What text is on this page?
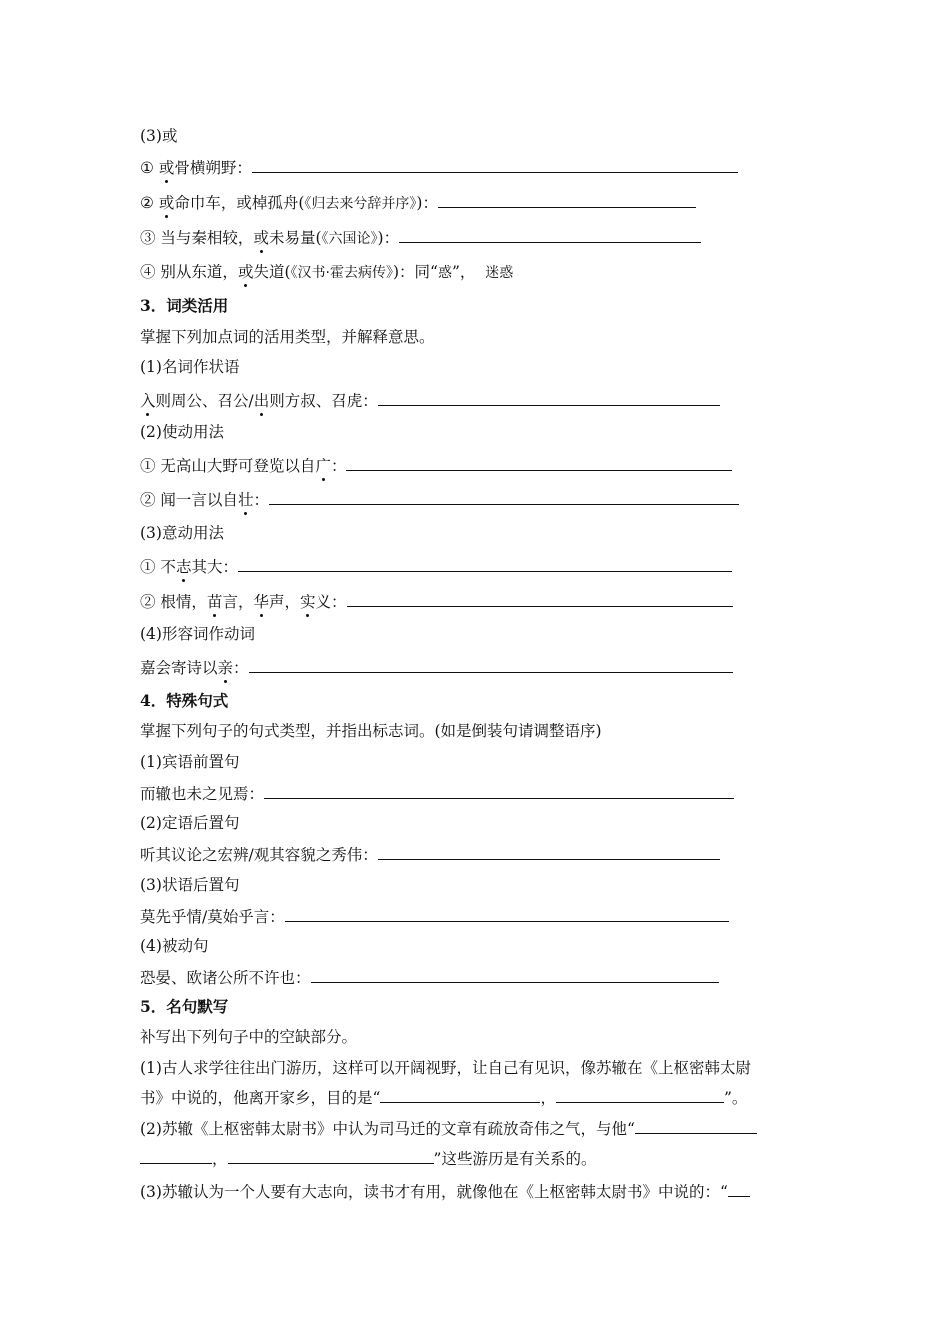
(3)或
① 或骨横朔野：
② 或命巾车，或棹孤舟(《归去来兮辞并序》)：
③ 当与秦相较，或未易量(《六国论》)：
④ 别从东道，或失道(《汉书·霍去病传》)：同“惑”， 迷惑
3．词类活用
掌握下列加点词的活用类型，并解释意思。
(1)名词作状语
入则周公、召公/出则方叔、召虎：
(2)使动用法
① 无高山大野可登览以自广：
② 闻一言以自壮：
(3)意动用法
① 不志其大：
② 根情，苗言，华声，实义：
(4)形容词作动词
嘉会寄诗以亲：
4．特殊句式
掌握下列句子的句式类型，并指出标志词。(如是倒装句请调整语序)
(1)宾语前置句
而辙也未之见焉：
(2)定语后置句
听其议论之宏辨/观其容貌之秀伟：
(3)状语后置句
莫先乎情/莫始乎言：
(4)被动句
恐晏、欧诸公所不许也：
5．名句默写
补写出下列句子中的空缺部分。
(1)古人求学往往出门游历，这样可以开阔视野，让自己有见识，像苏辙在《上枢密韩太尉
书》中说的，他离开家乡，目的是“	，	”。
(2)苏辙《上枢密韩太尉书》中认为司马迁的文章有疏放奇伟之气，与他“
，	”这些游历是有关系的。
(3)苏辙认为一个人要有大志向，读书才有用，就像他在《上枢密韩太尉书》中说的：“
